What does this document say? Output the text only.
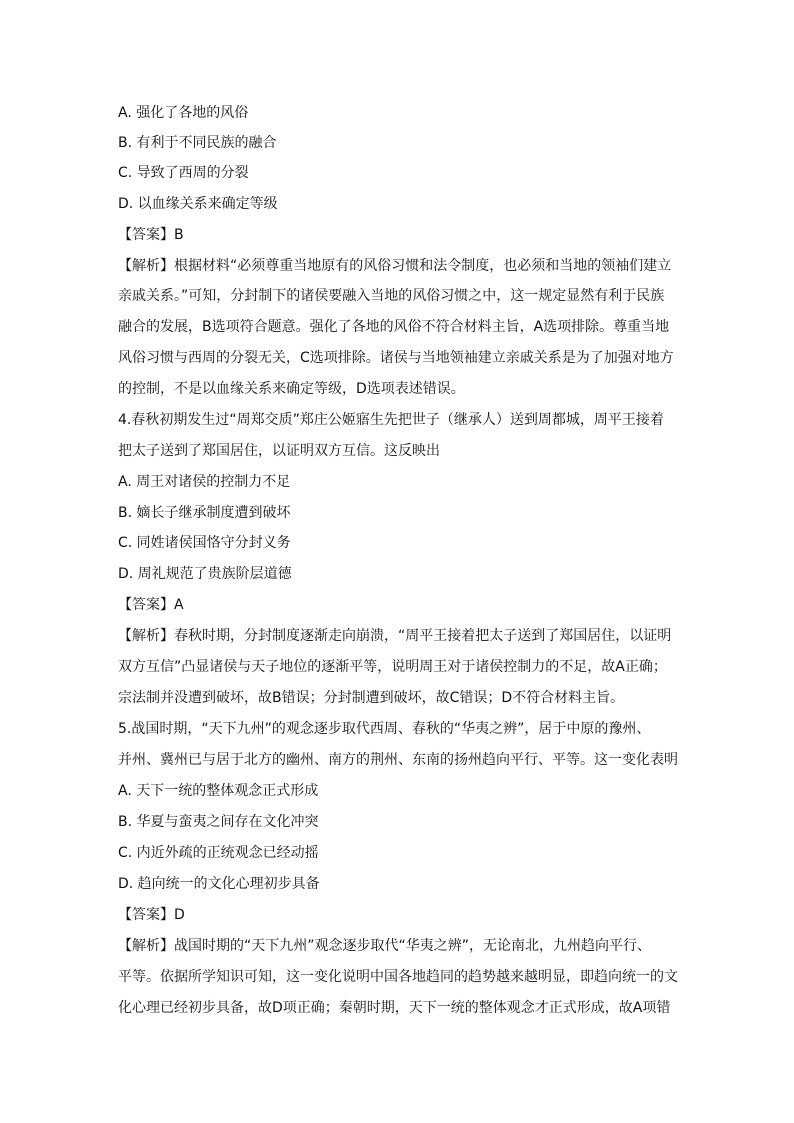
A. 强化了各地的风俗
B. 有利于不同民族的融合
C. 导致了西周的分裂
D. 以血缘关系来确定等级
【答案】B
【解析】根据材料“必须尊重当地原有的风俗习惯和法令制度，也必须和当地的领袖们建立
亲戚关系。”可知，分封制下的诸侯要融入当地的风俗习惯之中，这一规定显然有利于民族
融合的发展，B选项符合题意。强化了各地的风俗不符合材料主旨，A选项排除。尊重当地
风俗习惯与西周的分裂无关，C选项排除。诸侯与当地领袖建立亲戚关系是为了加强对地方
的控制，不是以血缘关系来确定等级，D选项表述错误。
4.春秋初期发生过“周郑交质”郑庄公姬寤生先把世子（继承人）送到周都城，周平王接着
把太子送到了郑国居住，以证明双方互信。这反映出
A. 周王对诸侯的控制力不足
B. 嫡长子继承制度遭到破坏
C. 同姓诸侯国恪守分封义务
D. 周礼规范了贵族阶层道德
【答案】A
【解析】春秋时期，分封制度逐渐走向崩溃，“周平王接着把太子送到了郑国居住，以证明
双方互信”凸显诸侯与天子地位的逐渐平等，说明周王对于诸侯控制力的不足，故A正确；
宗法制并没遭到破坏，故B错误；分封制遭到破坏，故C错误；D不符合材料主旨。
5.战国时期，“天下九州”的观念逐步取代西周、春秋的“华夷之辨”，居于中原的豫州、
并州、冀州已与居于北方的幽州、南方的荆州、东南的扬州趋向平行、平等。这一变化表明
A. 天下一统的整体观念正式形成
B. 华夏与蛮夷之间存在文化冲突
C. 内近外疏的正统观念已经动摇
D. 趋向统一的文化心理初步具备
【答案】D
【解析】战国时期的“天下九州”观念逐步取代“华夷之辨”，无论南北，九州趋向平行、
平等。依据所学知识可知，这一变化说明中国各地趋同的趋势越来越明显，即趋向统一的文
化心理已经初步具备，故D项正确；秦朝时期，天下一统的整体观念才正式形成，故A项错
